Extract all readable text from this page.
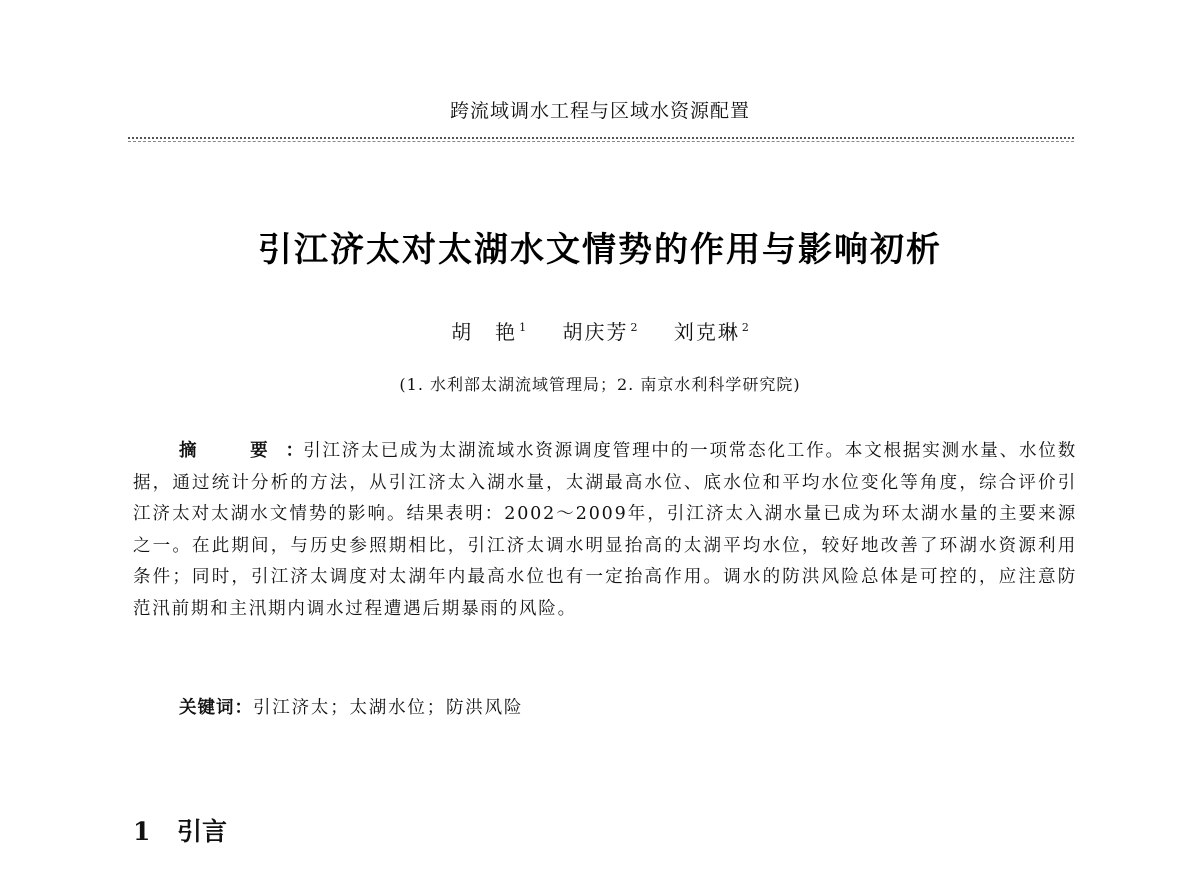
跨流域调水工程与区域水资源配置
引江济太对太湖水文情势的作用与影响初析
胡　艳 $^1$ 胡庆芳 $^2$ 刘克琳 $^2$
(1. 水利部太湖流域管理局；2. 南京水利科学研究院)

摘　要：引江济太已成为太湖流域水资源调度管理中的一项常态化工作。本文根据实测水量、水位数据，通过统计分析的方法，从引江济太入湖水量，太湖最高水位、底水位和平均水位变化等角度，综合评价引江济太对太湖水文情势的影响。结果表明：2002～2009年，引江济太入湖水量已成为环太湖水量的主要来源之一。在此期间，与历史参照期相比，引江济太调水明显抬高的太湖平均水位，较好地改善了环湖水资源利用条件；同时，引江济太调度对太湖年内最高水位也有一定抬高作用。调水的防洪风险总体是可控的，应注意防范汛前期和主汛期内调水过程遭遇后期暴雨的风险。

关键词：引江济太；太湖水位；防洪风险
1 引言
